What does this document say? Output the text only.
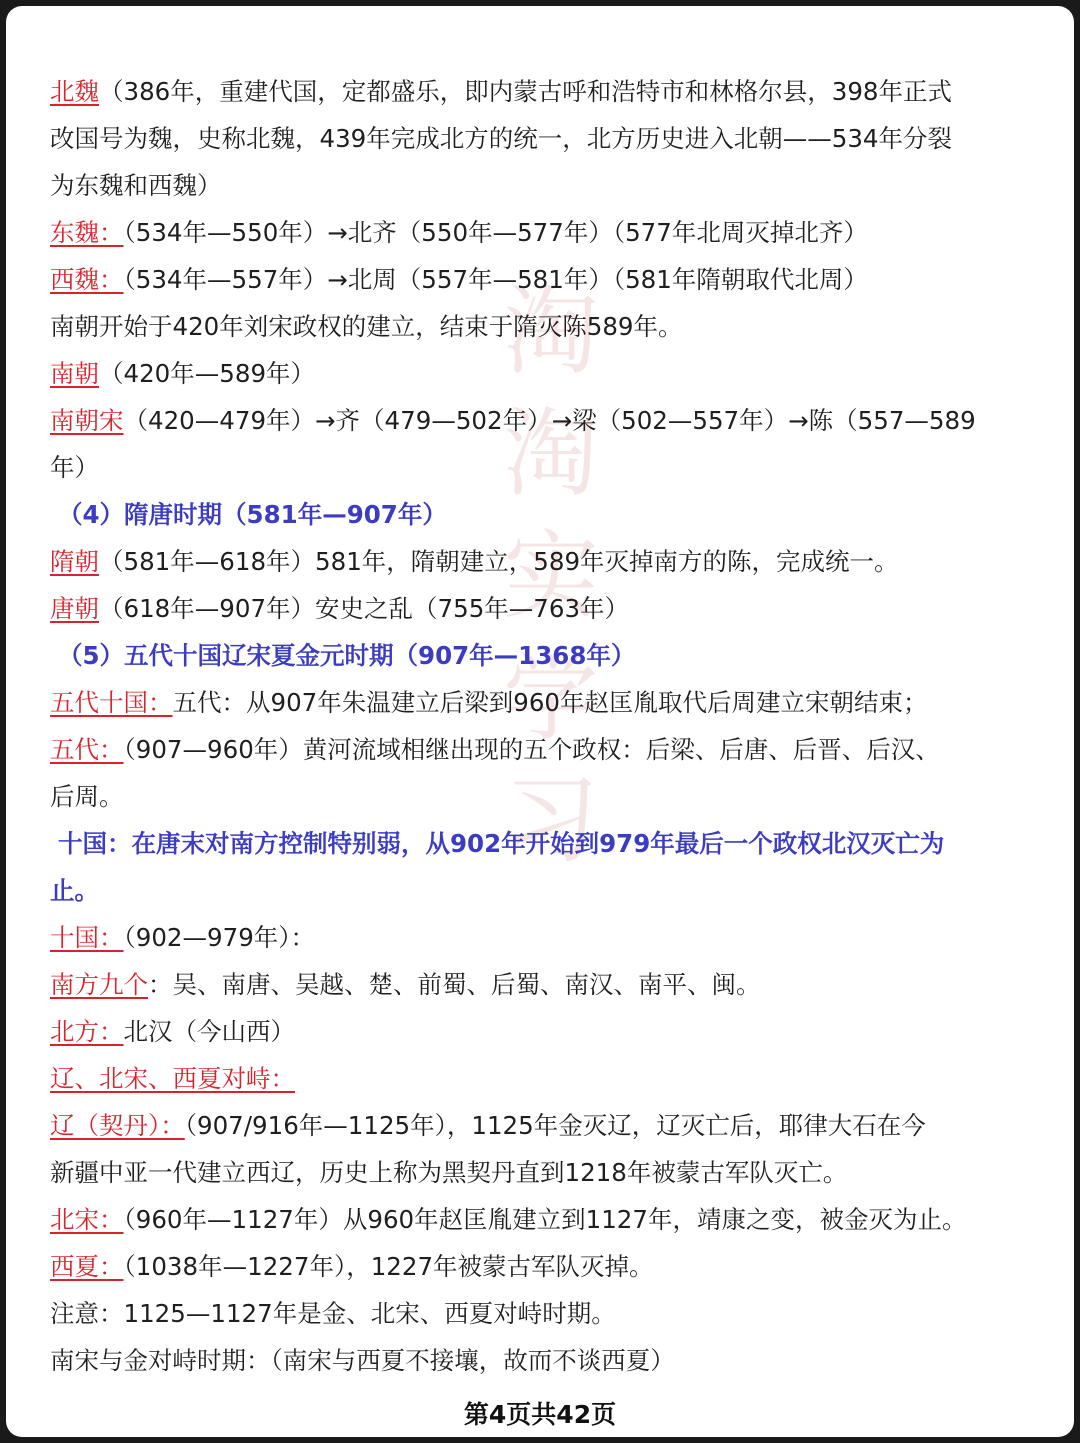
淘
淘
实
学
习
北魏（386年，重建代国，定都盛乐，即内蒙古呼和浩特市和林格尔县，398年正式
改国号为魏，史称北魏，439年完成北方的统一，北方历史进入北朝——534年分裂
为东魏和西魏）
东魏：（534年—550年）→北齐（550年—577年）（577年北周灭掉北齐）
西魏：（534年—557年）→北周（557年—581年）（581年隋朝取代北周）
南朝开始于420年刘宋政权的建立，结束于隋灭陈589年。
南朝（420年—589年）
南朝宋（420—479年）→齐（479—502年）→梁（502—557年）→陈（557—589
年）
（4）隋唐时期（581年—907年）
隋朝（581年—618年）581年，隋朝建立，589年灭掉南方的陈，完成统一。
唐朝（618年—907年）安史之乱（755年—763年）
（5）五代十国辽宋夏金元时期（907年—1368年）
五代十国：五代：从907年朱温建立后梁到960年赵匡胤取代后周建立宋朝结束；
五代：（907—960年）黄河流域相继出现的五个政权：后梁、后唐、后晋、后汉、
后周。
十国：在唐末对南方控制特别弱，从902年开始到979年最后一个政权北汉灭亡为
止。
十国：（902—979年）：
南方九个：吴、南唐、吴越、楚、前蜀、后蜀、南汉、南平、闽。
北方：北汉（今山西）
辽、北宋、西夏对峙：
辽（契丹）：（907/916年—1125年），1125年金灭辽，辽灭亡后，耶律大石在今
新疆中亚一代建立西辽，历史上称为黑契丹直到1218年被蒙古军队灭亡。
北宋：（960年—1127年）从960年赵匡胤建立到1127年，靖康之变，被金灭为止。
西夏：（1038年—1227年），1227年被蒙古军队灭掉。
注意：1125—1127年是金、北宋、西夏对峙时期。
南宋与金对峙时期：（南宋与西夏不接壤，故而不谈西夏）
第4页共42页
